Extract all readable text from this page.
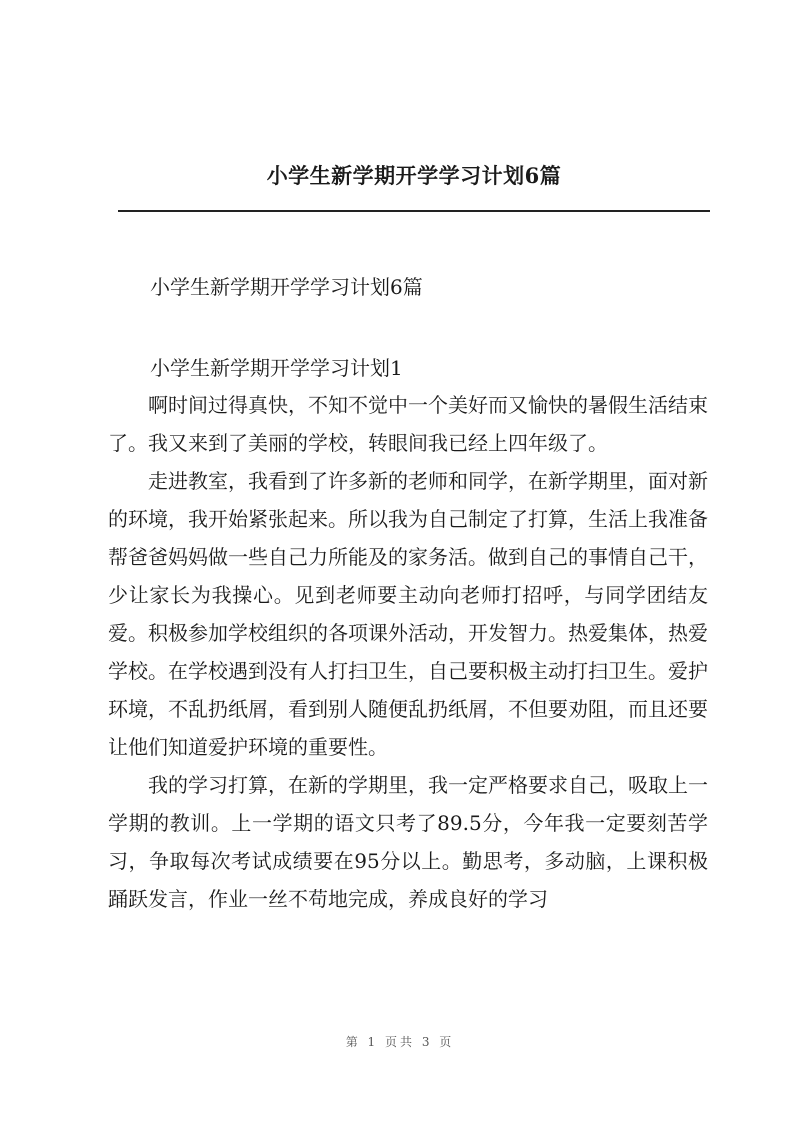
小学生新学期开学学习计划6篇
小学生新学期开学学习计划6篇
小学生新学期开学学习计划1

啊时间过得真快，不知不觉中一个美好而又愉快的暑假生活结束了。我又来到了美丽的学校，转眼间我已经上四年级了。

走进教室，我看到了许多新的老师和同学，在新学期里，面对新的环境，我开始紧张起来。所以我为自己制定了打算，生活上我准备帮爸爸妈妈做一些自己力所能及的家务活。做到自己的事情自己干，少让家长为我操心。见到老师要主动向老师打招呼，与同学团结友爱。积极参加学校组织的各项课外活动，开发智力。热爱集体，热爱学校。在学校遇到没有人打扫卫生，自己要积极主动打扫卫生。爱护环境，不乱扔纸屑，看到别人随便乱扔纸屑，不但要劝阻，而且还要让他们知道爱护环境的重要性。

我的学习打算，在新的学期里，我一定严格要求自己，吸取上一学期的教训。上一学期的语文只考了89.5分，今年我一定要刻苦学习，争取每次考试成绩要在95分以上。勤思考，多动脑，上课积极踊跃发言，作业一丝不苟地完成，养成良好的学习

第 1 页共 3 页
